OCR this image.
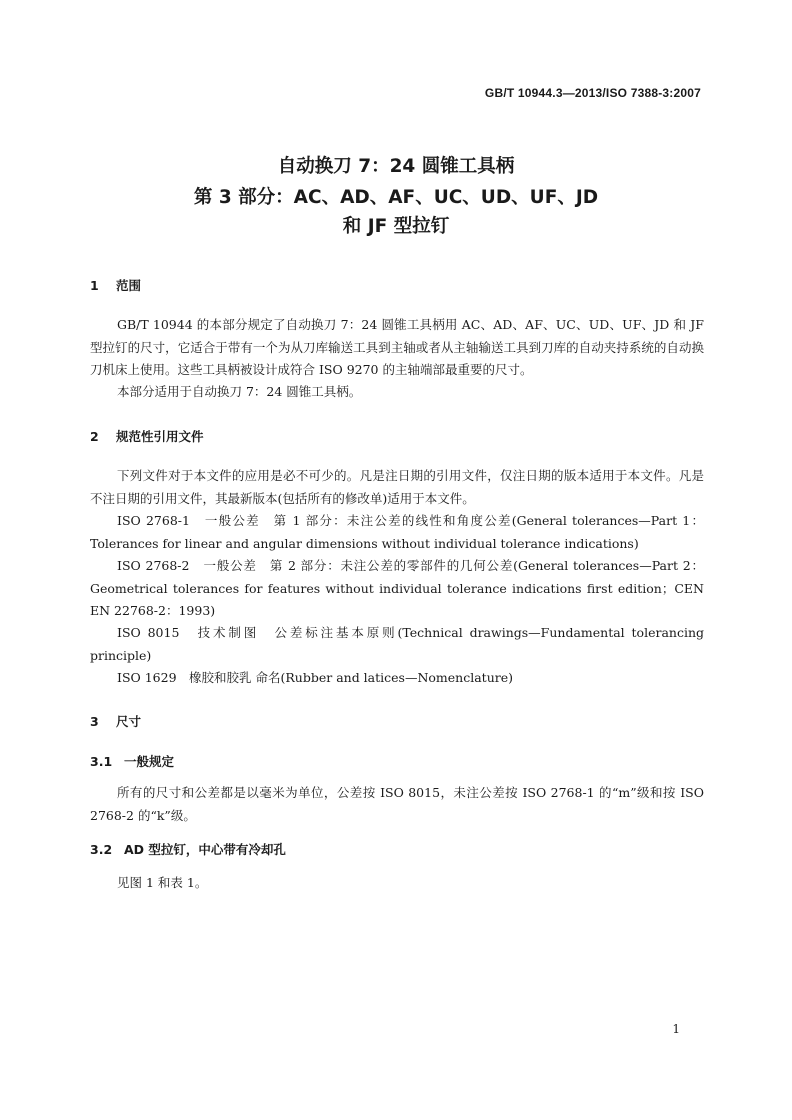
GB/T 10944.3—2013/ISO 7388-3:2007
自动换刀 7：24 圆锥工具柄
第 3 部分：AC、AD、AF、UC、UD、UF、JD
和 JF 型拉钉
1 范围
GB/T 10944 的本部分规定了自动换刀 7：24 圆锥工具柄用 AC、AD、AF、UC、UD、UF、JD 和 JF 型拉钉的尺寸，它适合于带有一个为从刀库输送工具到主轴或者从主轴输送工具到刀库的自动夹持系统的自动换刀机床上使用。这些工具柄被设计成符合 ISO 9270 的主轴端部最重要的尺寸。
本部分适用于自动换刀 7：24 圆锥工具柄。
2 规范性引用文件
下列文件对于本文件的应用是必不可少的。凡是注日期的引用文件，仅注日期的版本适用于本文件。凡是不注日期的引用文件，其最新版本(包括所有的修改单)适用于本文件。
ISO 2768-1　一般公差　第 1 部分：未注公差的线性和角度公差(General tolerances—Part 1：Tolerances for linear and angular dimensions without individual tolerance indications)
ISO 2768-2　一般公差　第 2 部分：未注公差的零部件的几何公差(General tolerances—Part 2：Geometrical tolerances for features without individual tolerance indications first edition；CEN EN 22768-2：1993)
ISO 8015　技术制图　公差标注基本原则(Technical drawings—Fundamental tolerancing principle)
ISO 1629　橡胶和胶乳 命名(Rubber and latices—Nomenclature)
3 尺寸
3.1 一般规定
所有的尺寸和公差都是以毫米为单位，公差按 ISO 8015，未注公差按 ISO 2768-1 的“m”级和按 ISO 2768-2 的“k”级。
3.2 AD 型拉钉，中心带有冷却孔
见图 1 和表 1。
1
